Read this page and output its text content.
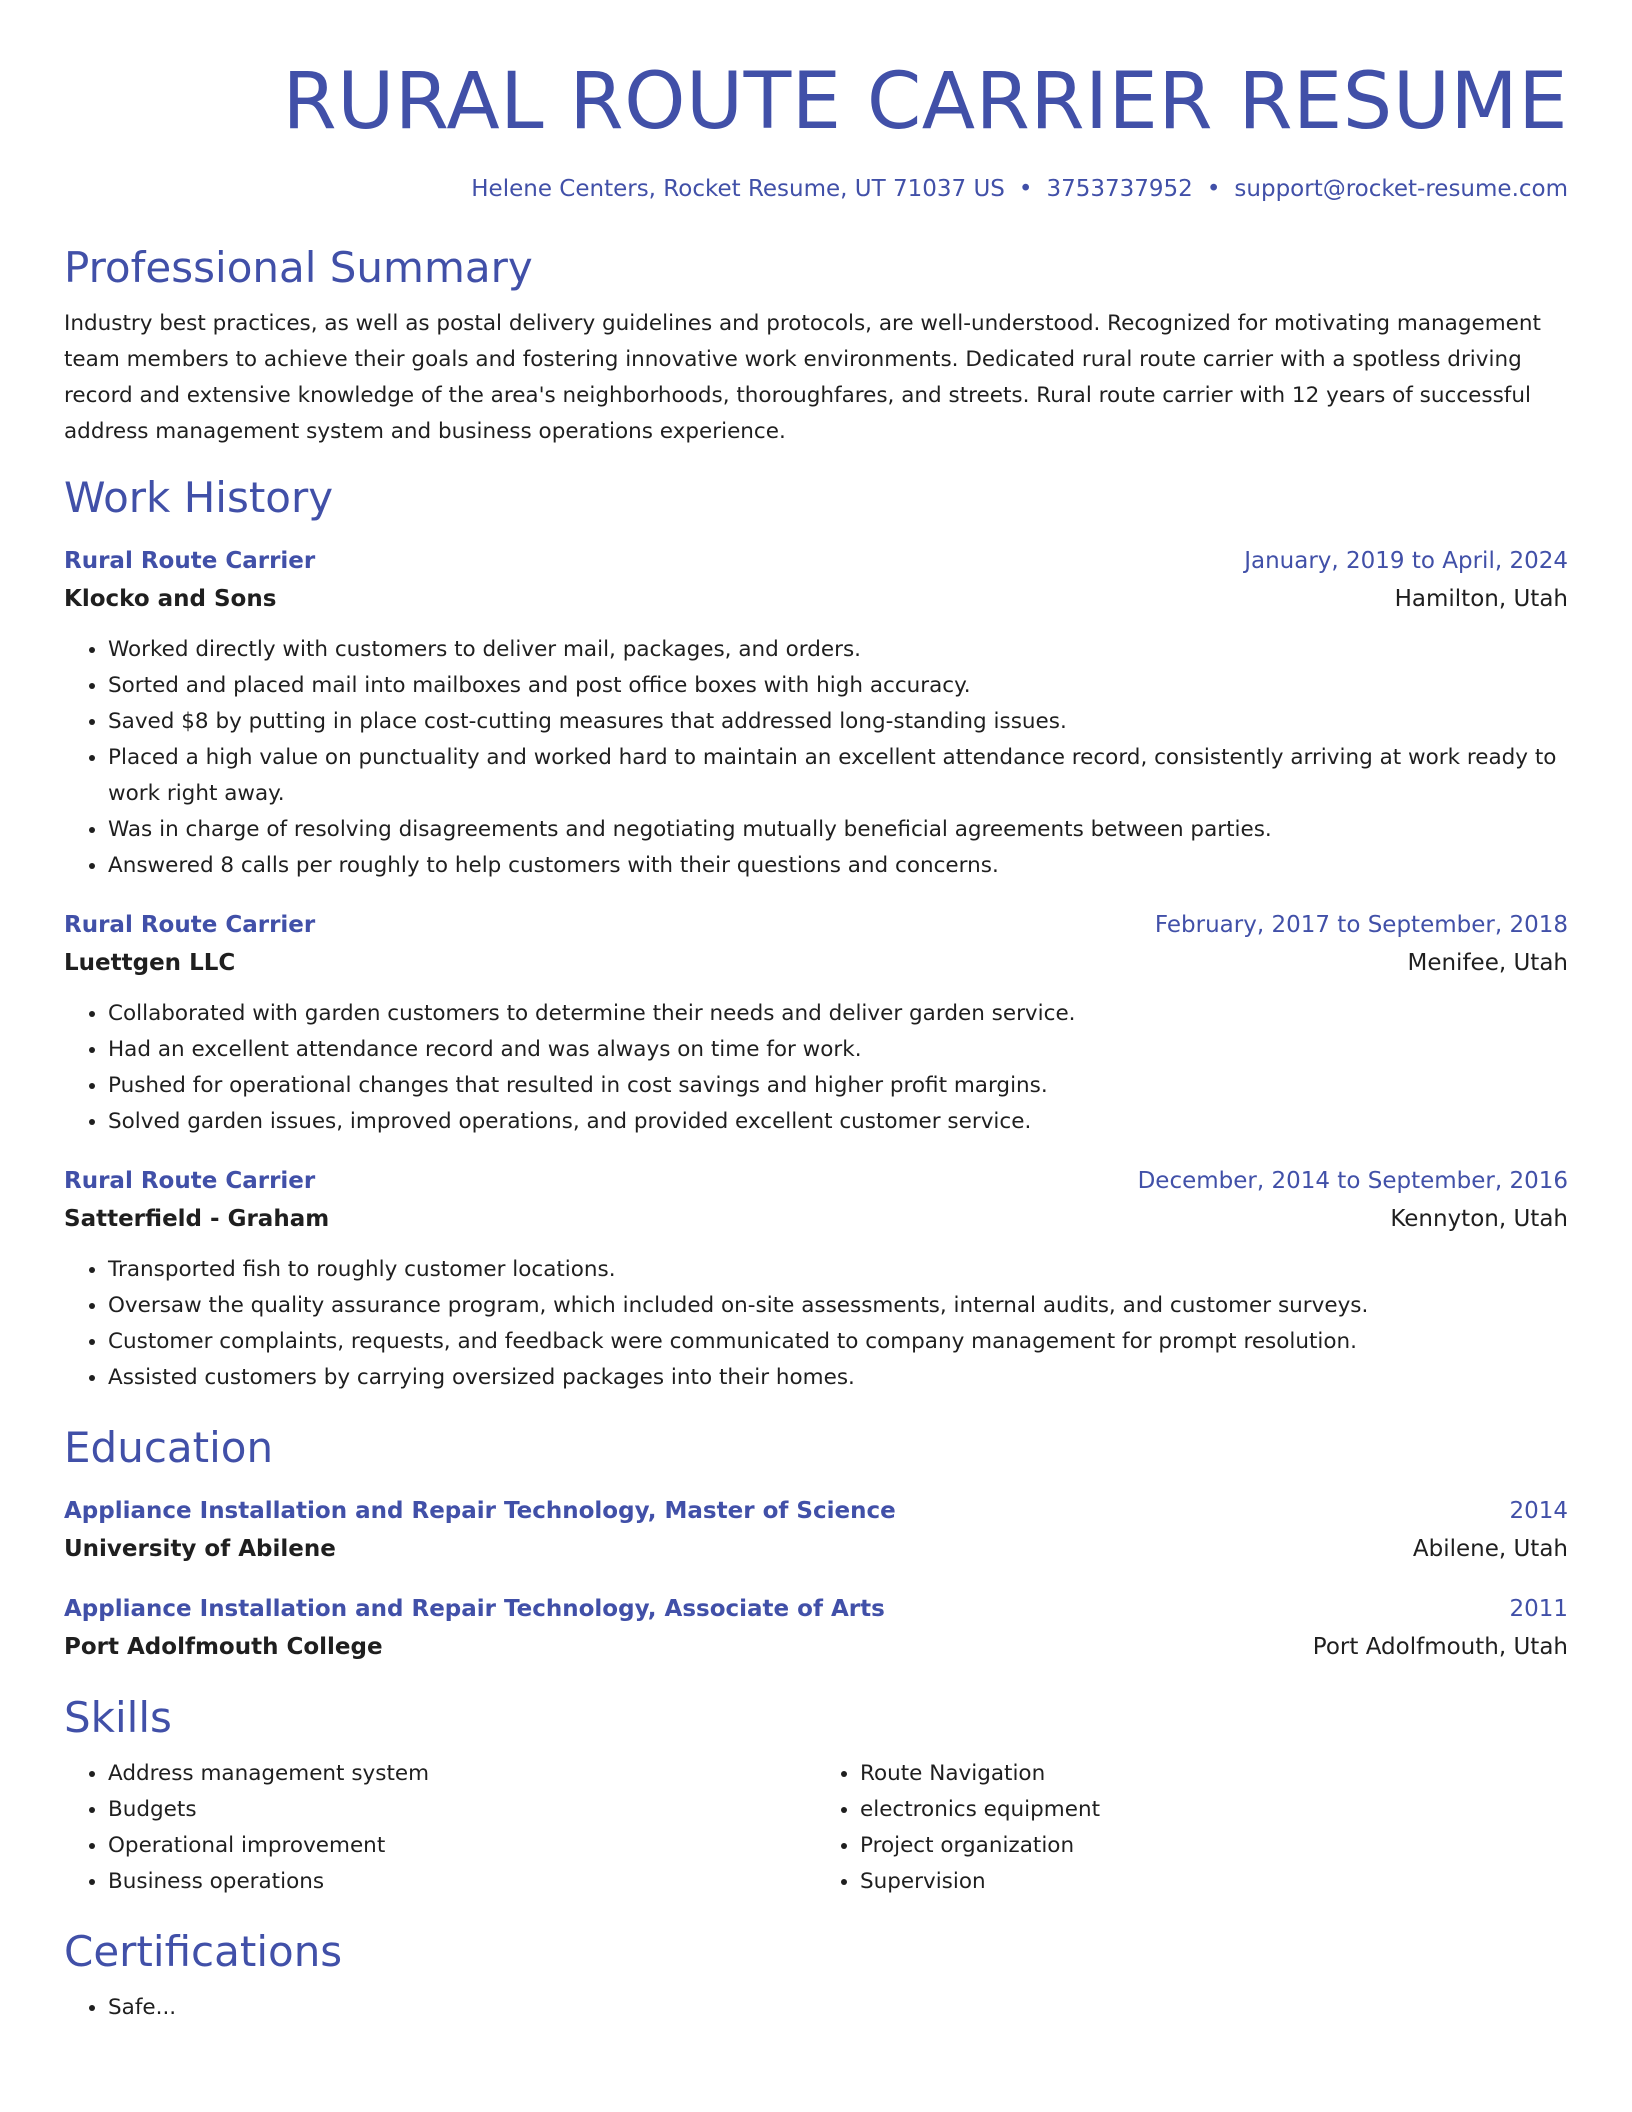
RURAL ROUTE CARRIER RESUME
Helene Centers, Rocket Resume, UT 71037 US • 3753737952 • support@rocket-resume.com
Professional Summary
Industry best practices, as well as postal delivery guidelines and protocols, are well-understood. Recognized for motivating management team members to achieve their goals and fostering innovative work environments. Dedicated rural route carrier with a spotless driving record and extensive knowledge of the area's neighborhoods, thoroughfares, and streets. Rural route carrier with 12 years of successful address management system and business operations experience.
Work History
Rural Route Carrier	January, 2019 to April, 2024
Klocko and Sons	Hamilton, Utah
• Worked directly with customers to deliver mail, packages, and orders.
• Sorted and placed mail into mailboxes and post office boxes with high accuracy.
• Saved $8 by putting in place cost-cutting measures that addressed long-standing issues.
• Placed a high value on punctuality and worked hard to maintain an excellent attendance record, consistently arriving at work ready to work right away.
• Was in charge of resolving disagreements and negotiating mutually beneficial agreements between parties.
• Answered 8 calls per roughly to help customers with their questions and concerns.
Rural Route Carrier	February, 2017 to September, 2018
Luettgen LLC	Menifee, Utah
• Collaborated with garden customers to determine their needs and deliver garden service.
• Had an excellent attendance record and was always on time for work.
• Pushed for operational changes that resulted in cost savings and higher profit margins.
• Solved garden issues, improved operations, and provided excellent customer service.
Rural Route Carrier	December, 2014 to September, 2016
Satterfield - Graham	Kennyton, Utah
• Transported fish to roughly customer locations.
• Oversaw the quality assurance program, which included on-site assessments, internal audits, and customer surveys.
• Customer complaints, requests, and feedback were communicated to company management for prompt resolution.
• Assisted customers by carrying oversized packages into their homes.
Education
Appliance Installation and Repair Technology, Master of Science	2014
University of Abilene	Abilene, Utah
Appliance Installation and Repair Technology, Associate of Arts	2011
Port Adolfmouth College	Port Adolfmouth, Utah
Skills
• Address management system
• Budgets
• Operational improvement
• Business operations
• Route Navigation
• electronics equipment
• Project organization
• Supervision
Certifications
• Safe...
